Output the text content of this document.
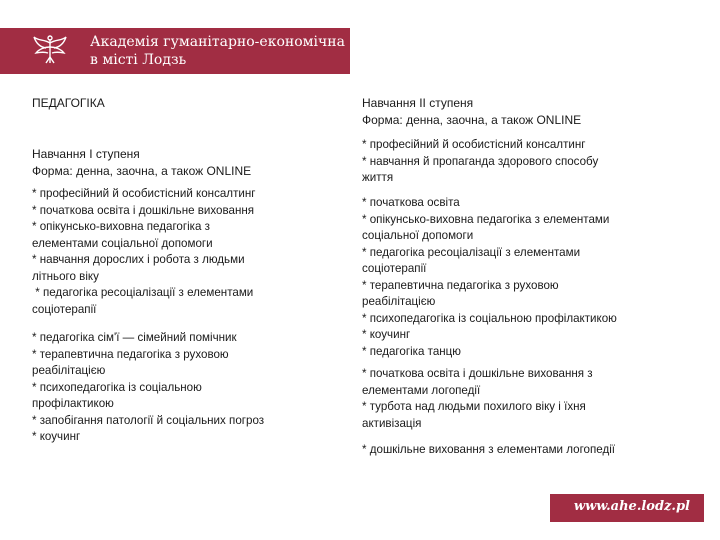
Академія гуманітарно-економічна
в місті Лодзь
ПЕДАГОГІКА
Навчання І ступеня
Форма: денна, заочна, а також ONLINE
* професійний й особистісний консалтинг
* початкова освіта і дошкільне виховання
* опікунсько-виховна педагогіка з
елементами соціальної допомоги
* навчання дорослих і робота з людьми
літнього віку
* педагогіка ресоціалізації з елементами
соціотерапії
* педагогіка сім'ї — сімейний помічник
* терапевтична педагогіка з руховою
реабілітацією
* психопедагогіка із соціальною
профілактикою
* запобігання патології й соціальних погроз
* коучинг
Навчання ІІ ступеня
Форма: денна, заочна, а також ONLINE
* професійний й особистісний консалтинг
* навчання й пропаганда здорового способу
життя
* початкова освіта
* опікунсько-виховна педагогіка з елементами
соціальної допомоги
* педагогіка ресоціалізації з елементами
соціотерапії
* терапевтична педагогіка з руховою
реабілітацією
* психопедагогіка із соціальною профілактикою
* коучинг
* педагогіка танцю
* початкова освіта і дошкільне виховання з
елементами логопедії
* турбота над людьми похилого віку і їхня
активізація
* дошкільне виховання з елементами логопедії
www.ahe.lodz.pl
